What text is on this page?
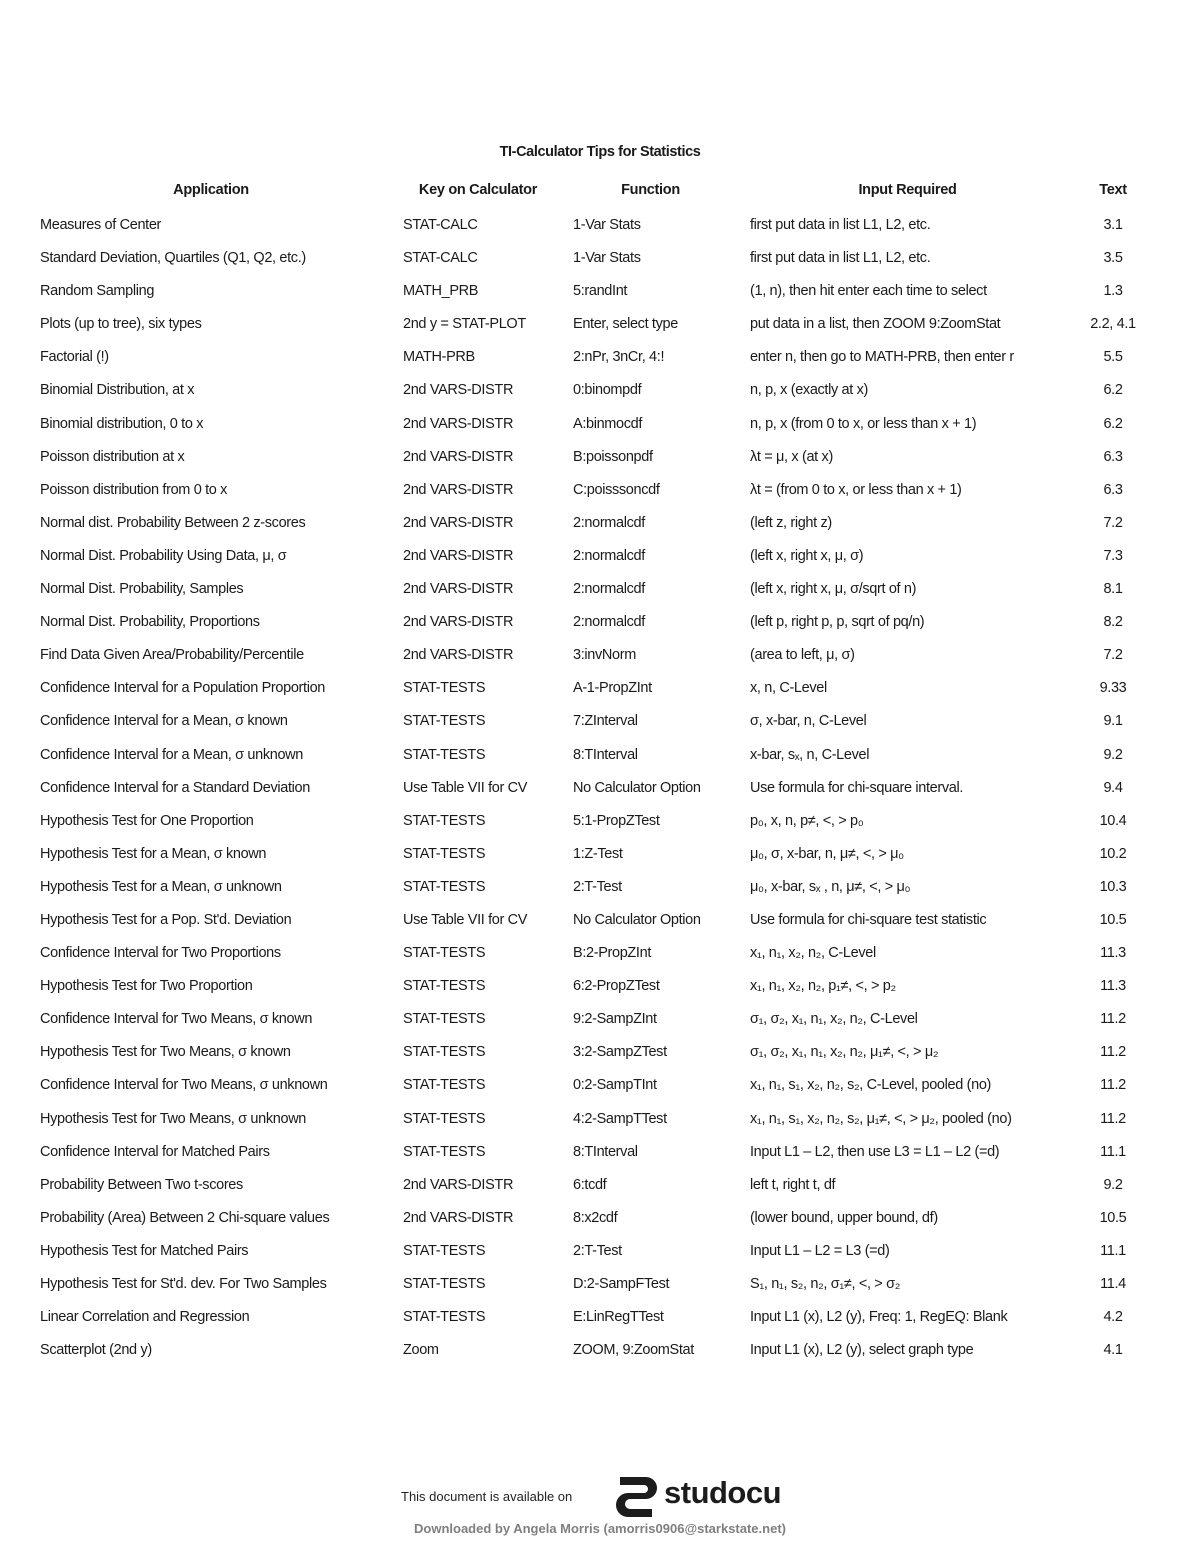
TI-Calculator Tips for Statistics
Application	Key on Calculator	Function	Input Required	Text
Measures of Center	STAT-CALC	1-Var Stats	first put data in list L1, L2, etc.	3.1
Standard Deviation, Quartiles (Q1, Q2, etc.)	STAT-CALC	1-Var Stats	first put data in list L1, L2, etc.	3.5
Random Sampling	MATH_PRB	5:randInt	(1, n), then hit enter each time to select	1.3
Plots (up to tree), six types	2nd y = STAT-PLOT	Enter, select type	put data in a list, then ZOOM 9:ZoomStat	2.2, 4.1
Factorial (!)	MATH-PRB	2:nPr, 3nCr, 4:!	enter n, then go to MATH-PRB, then enter r	5.5
Binomial Distribution, at x	2nd VARS-DISTR	0:binompdf	n, p, x (exactly at x)	6.2
Binomial distribution, 0 to x	2nd VARS-DISTR	A:binmocdf	n, p, x (from 0 to x, or less than x + 1)	6.2
Poisson distribution at x	2nd VARS-DISTR	B:poissonpdf	λt = μ, x (at x)	6.3
Poisson distribution from 0 to x	2nd VARS-DISTR	C:poisssoncdf	λt = (from 0 to x, or less than x + 1)	6.3
Normal dist. Probability Between 2 z-scores	2nd VARS-DISTR	2:normalcdf	(left z, right z)	7.2
Normal Dist. Probability Using Data, μ, σ	2nd VARS-DISTR	2:normalcdf	(left x, right x, μ, σ)	7.3
Normal Dist. Probability, Samples	2nd VARS-DISTR	2:normalcdf	(left x, right x, μ, σ/sqrt of n)	8.1
Normal Dist. Probability, Proportions	2nd VARS-DISTR	2:normalcdf	(left p, right p, p, sqrt of pq/n)	8.2
Find Data Given Area/Probability/Percentile	2nd VARS-DISTR	3:invNorm	(area to left, μ, σ)	7.2
Confidence Interval for a Population Proportion	STAT-TESTS	A-1-PropZInt	x, n, C-Level	9.33
Confidence Interval for a Mean, σ known	STAT-TESTS	7:ZInterval	σ, x-bar, n, C-Level	9.1
Confidence Interval for a Mean, σ unknown	STAT-TESTS	8:TInterval	x-bar, sₓ, n, C-Level	9.2
Confidence Interval for a Standard Deviation	Use Table VII for CV	No Calculator Option	Use formula for chi-square interval.	9.4
Hypothesis Test for One Proportion	STAT-TESTS	5:1-PropZTest	p₀, x, n, p≠, <, > p₀	10.4
Hypothesis Test for a Mean, σ known	STAT-TESTS	1:Z-Test	μ₀, σ, x-bar, n, μ≠, <, > μ₀	10.2
Hypothesis Test for a Mean, σ unknown	STAT-TESTS	2:T-Test	μ₀, x-bar, sₓ , n, μ≠, <, > μ₀	10.3
Hypothesis Test for a Pop. St'd. Deviation	Use Table VII for CV	No Calculator Option	Use formula for chi-square test statistic	10.5
Confidence Interval for Two Proportions	STAT-TESTS	B:2-PropZInt	x₁, n₁, x₂, n₂, C-Level	11.3
Hypothesis Test for Two Proportion	STAT-TESTS	6:2-PropZTest	x₁, n₁, x₂, n₂, p₁≠, <, > p₂	11.3
Confidence Interval for Two Means, σ known	STAT-TESTS	9:2-SampZInt	σ₁, σ₂, x₁, n₁, x₂, n₂, C-Level	11.2
Hypothesis Test for Two Means, σ known	STAT-TESTS	3:2-SampZTest	σ₁, σ₂, x₁, n₁, x₂, n₂, μ₁≠, <, > μ₂	11.2
Confidence Interval for Two Means, σ unknown	STAT-TESTS	0:2-SampTInt	x₁, n₁, s₁, x₂, n₂, s₂, C-Level, pooled (no)	11.2
Hypothesis Test for Two Means, σ unknown	STAT-TESTS	4:2-SampTTest	x₁, n₁, s₁, x₂, n₂, s₂, μ₁≠, <, > μ₂, pooled (no)	11.2
Confidence Interval for Matched Pairs	STAT-TESTS	8:TInterval	Input L1 – L2, then use L3 = L1 – L2 (=d)	11.1
Probability Between Two t-scores	2nd VARS-DISTR	6:tcdf	left t, right t, df	9.2
Probability (Area) Between 2 Chi-square values	2nd VARS-DISTR	8:x2cdf	(lower bound, upper bound, df)	10.5
Hypothesis Test for Matched Pairs	STAT-TESTS	2:T-Test	Input L1 – L2 = L3 (=d)	11.1
Hypothesis Test for St'd. dev. For Two Samples	STAT-TESTS	D:2-SampFTest	S₁, n₁, s₂, n₂, σ₁≠, <, > σ₂	11.4
Linear Correlation and Regression	STAT-TESTS	E:LinRegTTest	Input L1 (x), L2 (y), Freq: 1, RegEQ: Blank	4.2
Scatterplot (2nd y)	Zoom	ZOOM, 9:ZoomStat	Input L1 (x), L2 (y), select graph type	4.1
This document is available on	studocu
Downloaded by Angela Morris (amorris0906@starkstate.net)
